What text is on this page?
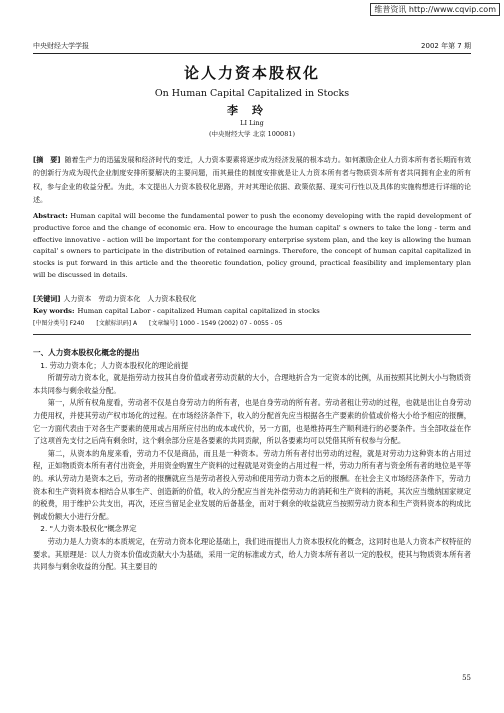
维普资讯 http://www.cqvip.com
中央财经大学学报	2002 年第 7 期
论人力资本股权化
On Human Capital Capitalized in Stocks
李玲
LI Ling
(中央财经大学 北京 100081)
[摘　要] 随着生产力的迅猛发展和经济时代的变迁，人力资本要素将逐步成为经济发展的根本动力。如何激励企业人力资本所有者长期而有效的创新行为成为现代企业制度安排所要解决的主要问题，而其最佳的制度安排就是让人力资本所有者与物质资本所有者共同拥有企业的所有权，参与企业的收益分配。为此，本文提出人力资本股权化思路，并对其理论依据、政策依据、现实可行性以及具体的实施构想进行详细的论述。
Abstract: Human capital will become the fundamental power to push the economy developing with the rapid development of productive force and the change of economic era. How to encourage the human capital' s owners to take the long - term and effective innovative - action will be important for the contemporary enterprise system plan, and the key is allowing the human capital' s owners to participate in the distribution of retained earnings. Therefore, the concept of human capital capitalized in stocks is put forward in this article and the theoretic foundation, policy ground, practical feasibility and implementary plan will be discussed in details.
[关键词] 人力资本　劳动力资本化　人力资本股权化
Key words: Human capital Labor - capitalized Human capital capitalized in stocks
[中图分类号] F240 [文献标识码] A [文章编号] 1000 - 1549 (2002) 07 - 0055 - 05

一、人力资本股权化概念的提出

1. 劳动力资本化；人力资本股权化的理论前提

所谓劳动力资本化，就是指劳动力按其自身价值或者劳动贡献的大小，合理地折合为一定资本的比例，从而按照其比例大小与物质资本共同参与剩余收益分配。

第一，从所有权角度看，劳动者不仅是自身劳动力的所有者，也是自身劳动的所有者。劳动者租让劳动的过程，也就是出让自身劳动力使用权，并使其劳动产权市场化的过程。在市场经济条件下，收入的分配首先应当根据各生产要素的价值或价格大小给予相应的报酬，它一方面代表由于对各生产要素的使用或占用所应付出的成本或代价，另一方面，也是维持再生产顺利进行的必要条件。当全部收益在作了这项首先支付之后尚有剩余时，这个剩余部分应是各要素的共同贡献，所以各要素均可以凭借其所有权参与分配。

第二，从资本的角度来看，劳动力不仅是商品，而且是一种资本。劳动力所有者付出劳动的过程，就是对劳动力这种资本的占用过程，正如物质资本所有者付出资金，并用资金购置生产资料的过程就是对资金的占用过程一样，劳动力所有者与资金所有者的地位是平等的。承认劳动力是资本之后，劳动者的报酬就应当是劳动者投入劳动和使用劳动力资本之后的报酬。在社会主义市场经济条件下，劳动力资本和生产资料资本相结合从事生产、创造新的价值，收入的分配应当首先补偿劳动力的消耗和生产资料的消耗，其次应当缴纳国家规定的税费，用于维护公共支出，再次，还应当留足企业发展的后备基金，而对于剩余的收益就应当按照劳动力资本和生产资料资本的构成比例或份额大小进行分配。

2. "人力资本股权化"概念界定

劳动力是人力资本的本质规定，在劳动力资本化理论基础上，我们进而提出人力资本股权化的概念，这同时也是人力资本产权特征的要求。其原理是：以人力资本价值或贡献大小为基础，采用一定的标准或方式，给人力资本所有者以一定的股权，使其与物质资本所有者共同参与剩余收益的分配。其主要目的

55
